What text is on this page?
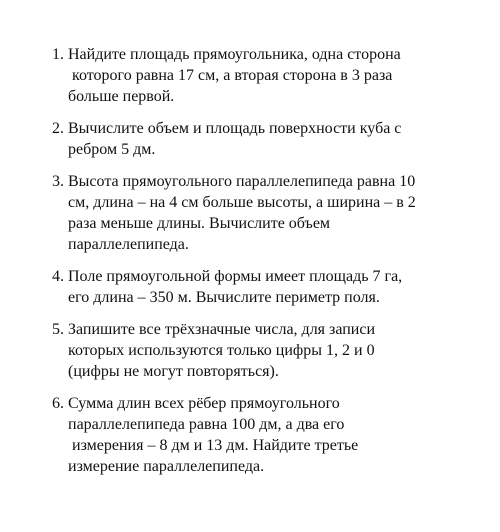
1. Найдите площадь прямоугольника, одна сторона
которого равна 17 см, а вторая сторона в 3 раза
больше первой.
2. Вычислите объем и площадь поверхности куба с
ребром 5 дм.
3. Высота прямоугольного параллелепипеда равна 10
см, длина – на 4 см больше высоты, а ширина – в 2
раза меньше длины. Вычислите объем
параллелепипеда.
4. Поле прямоугольной формы имеет площадь 7 га,
его длина – 350 м. Вычислите периметр поля.
5. Запишите все трёхзначные числа, для записи
которых используются только цифры 1, 2 и 0
(цифры не могут повторяться).
6. Сумма длин всех рёбер прямоугольного
параллелепипеда равна 100 дм, а два его
измерения – 8 дм и 13 дм. Найдите третье
измерение параллелепипеда.
